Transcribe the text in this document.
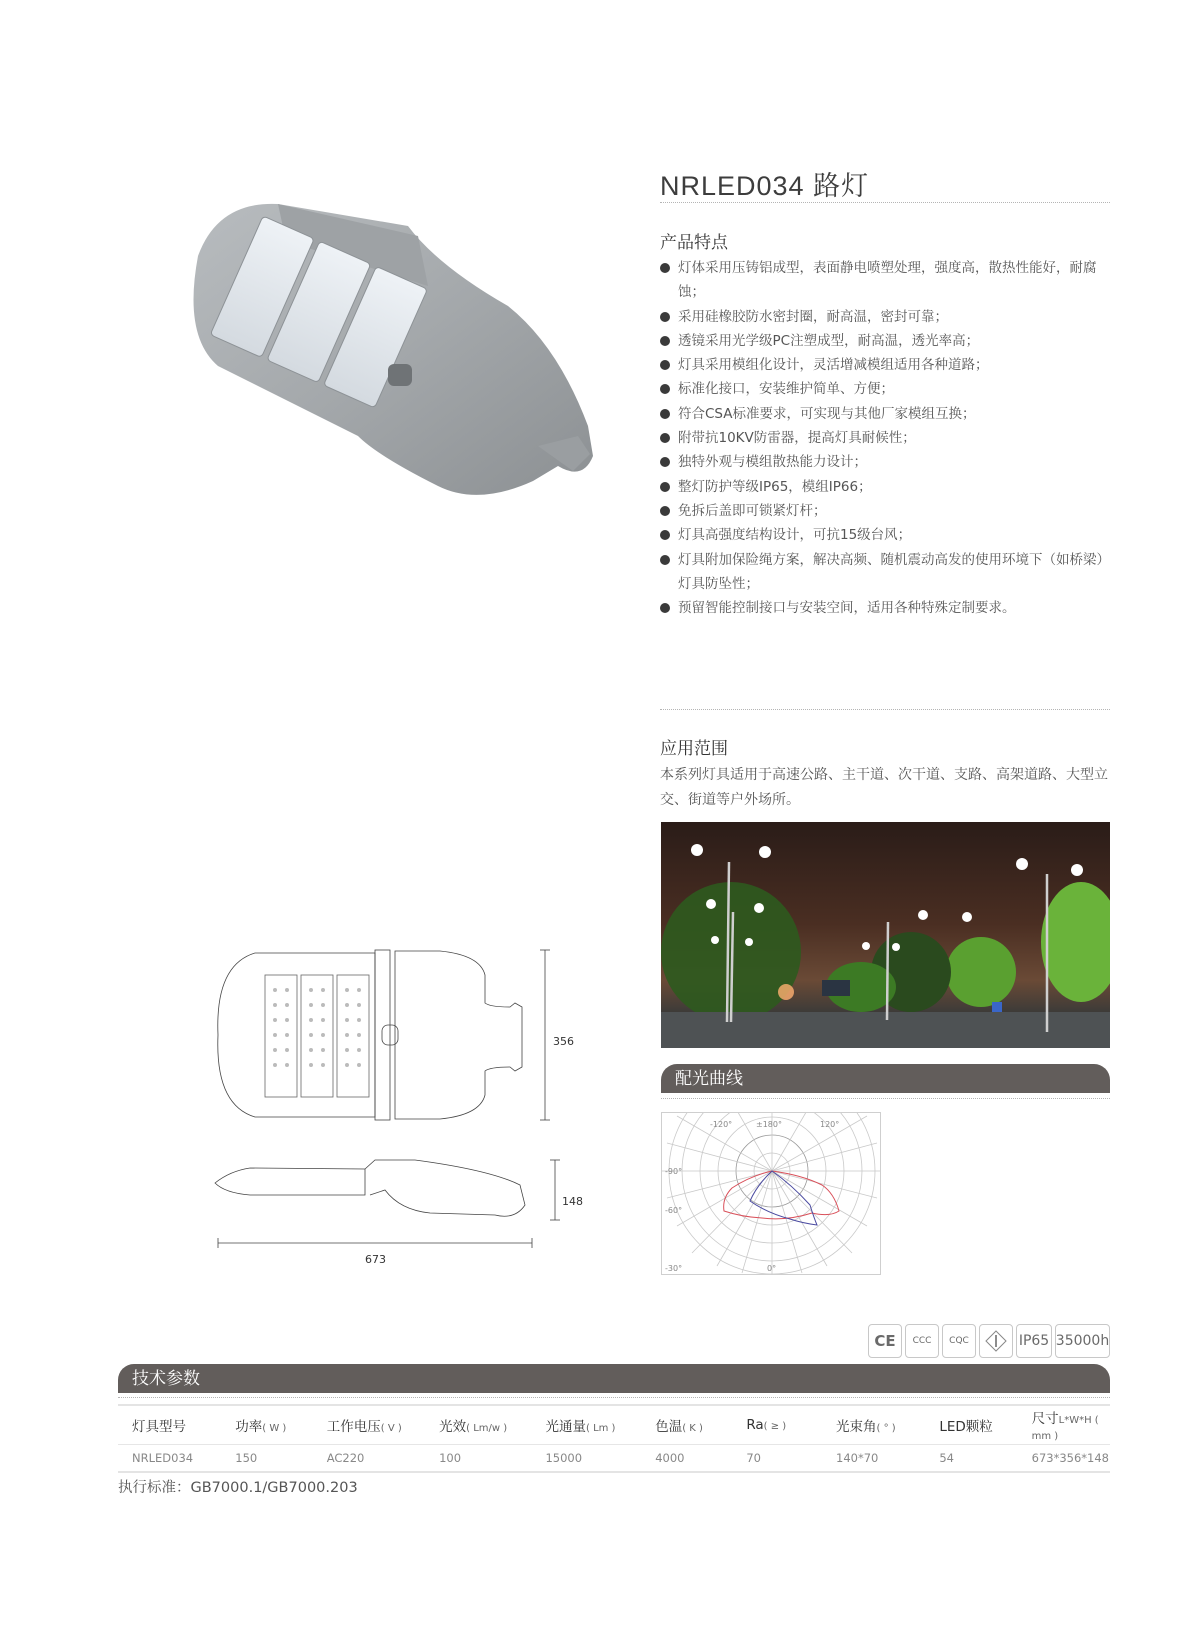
NRLED034 路灯
产品特点
灯体采用压铸铝成型，表面静电喷塑处理，强度高，散热性能好，耐腐蚀；
采用硅橡胶防水密封圈，耐高温，密封可靠；
透镜采用光学级PC注塑成型，耐高温，透光率高；
灯具采用模组化设计，灵活增减模组适用各种道路；
标准化接口，安装维护简单、方便；
符合CSA标准要求，可实现与其他厂家模组互换；
附带抗10KV防雷器，提高灯具耐候性；
独特外观与模组散热能力设计；
整灯防护等级IP65，模组IP66；
免拆后盖即可锁紧灯杆；
灯具高强度结构设计，可抗15级台风；
灯具附加保险绳方案，解决高频、随机震动高发的使用环境下（如桥梁）灯具防坠性；
预留智能控制接口与安装空间，适用各种特殊定制要求。
应用范围
本系列灯具适用于高速公路、主干道、次干道、支路、高架道路、大型立交、街道等户外场所。
配光曲线
-120°	±180°	120°
-90°
-60°
-30°	0°
356
148
673
CE	CCC	CQC	IP65 35000h
技术参数
灯具型号	功率( W )	工作电压( V )	光效( Lm/w )	光通量( Lm )	色温( K )	Ra( ≥ )	光束角( ° )	LED颗粒	尺寸L*W*H ( mm )
NRLED034	150	AC220	100	15000	4000	70	140*70	54	673*356*148
执行标准：GB7000.1/GB7000.203
